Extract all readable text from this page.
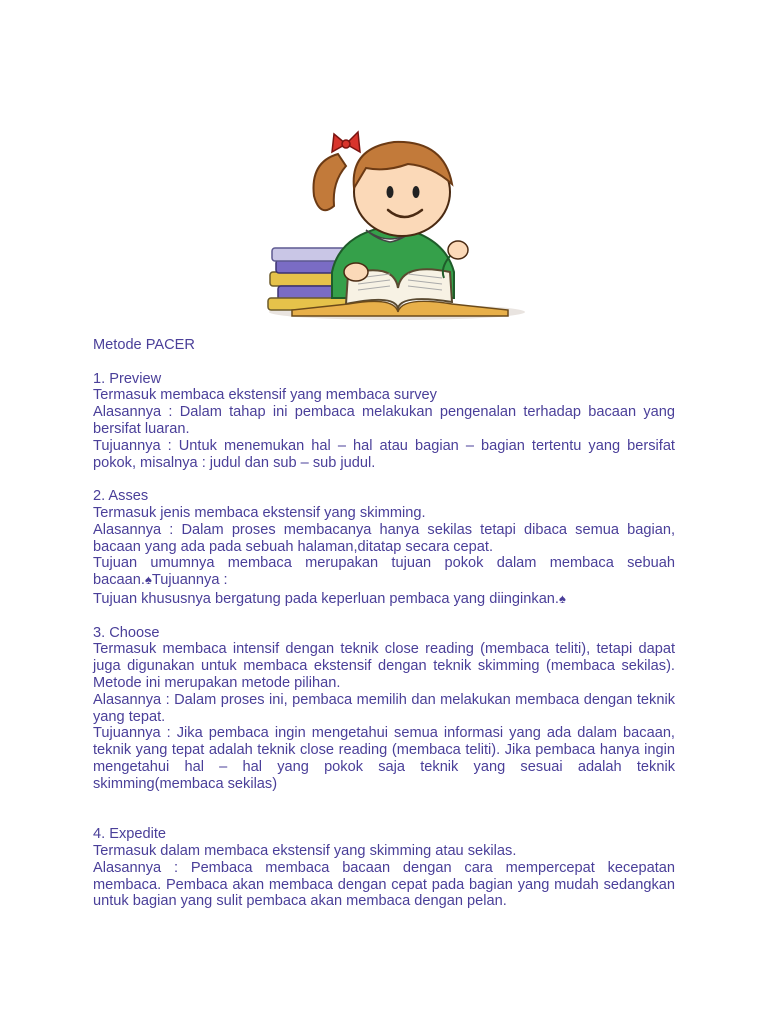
Metode PACER

1. Preview

Termasuk membaca ekstensif yang membaca survey

Alasannya : Dalam tahap ini pembaca melakukan pengenalan terhadap bacaan yang bersifat luaran.

Tujuannya : Untuk menemukan hal – hal atau bagian – bagian tertentu yang bersifat pokok, misalnya : judul dan sub – sub judul.

2. Asses

Termasuk jenis membaca ekstensif yang skimming.

Alasannya : Dalam proses membacanya hanya sekilas tetapi dibaca semua bagian, bacaan yang ada pada sebuah halaman,ditatap secara cepat.

Tujuan umumnya membaca merupakan tujuan pokok dalam membaca sebuah bacaan.♠Tujuannya :

Tujuan khususnya bergatung pada keperluan pembaca yang diinginkan.♠

3. Choose

Termasuk membaca intensif dengan teknik close reading (membaca teliti), tetapi dapat juga digunakan untuk membaca ekstensif dengan teknik skimming (membaca sekilas). Metode ini merupakan metode pilihan.

Alasannya : Dalam proses ini, pembaca memilih dan melakukan membaca dengan teknik yang tepat.

Tujuannya : Jika pembaca ingin mengetahui semua informasi yang ada dalam bacaan, teknik yang tepat adalah teknik close reading (membaca teliti). Jika pembaca hanya ingin mengetahui hal – hal yang pokok saja teknik yang sesuai adalah teknik skimming(membaca sekilas)

4. Expedite

Termasuk dalam membaca ekstensif yang skimming atau sekilas.

Alasannya : Pembaca membaca bacaan dengan cara mempercepat kecepatan membaca. Pembaca akan membaca dengan cepat pada bagian yang mudah sedangkan untuk bagian yang sulit pembaca akan membaca dengan pelan.
